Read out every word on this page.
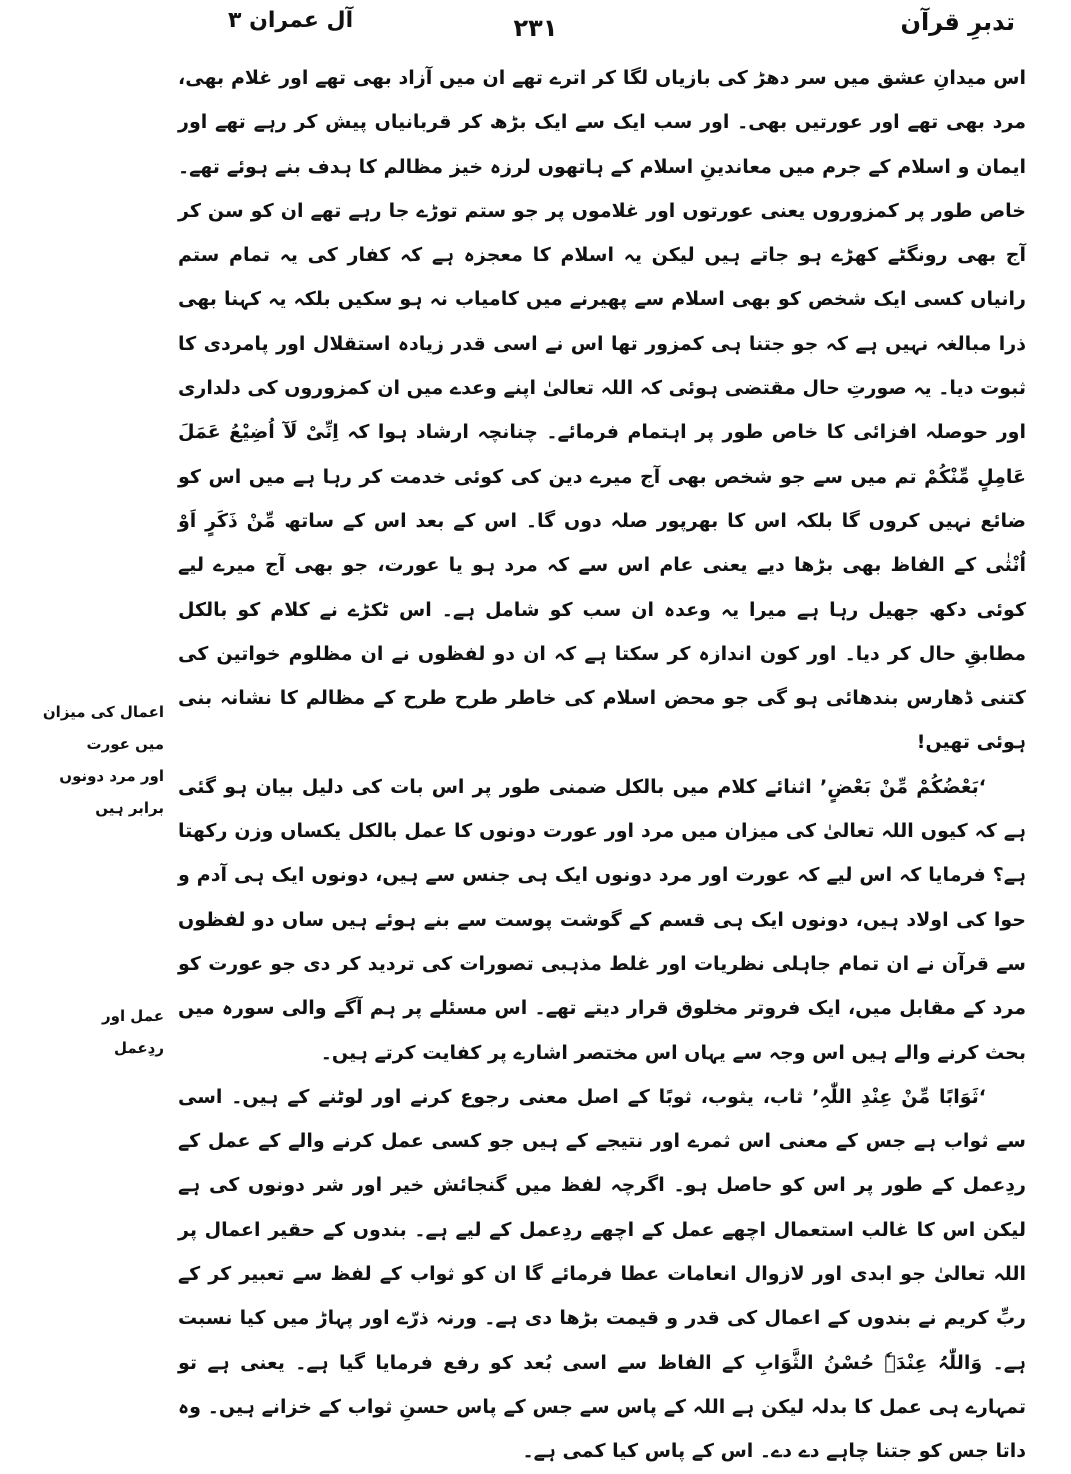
تدبرِ قرآن
٢٣١
آل عمران ٣

اس میدانِ عشق میں سر دھڑ کی بازیاں لگا کر اترے تھے ان میں آزاد بھی تھے اور غلام بھی، مرد بھی تھے اور عورتیں بھی۔ اور سب ایک سے ایک بڑھ کر قربانیاں پیش کر رہے تھے اور ایمان و اسلام کے جرم میں معاندینِ اسلام کے ہاتھوں لرزہ خیز مظالم کا ہدف بنے ہوئے تھے۔ خاص طور پر کمزوروں یعنی عورتوں اور غلاموں پر جو ستم توڑے جا رہے تھے ان کو سن کر آج بھی رونگٹے کھڑے ہو جاتے ہیں لیکن یہ اسلام کا معجزہ ہے کہ کفار کی یہ تمام ستم رانیاں کسی ایک شخص کو بھی اسلام سے پھیرنے میں کامیاب نہ ہو سکیں بلکہ یہ کہنا بھی ذرا مبالغہ نہیں ہے کہ جو جتنا ہی کمزور تھا اس نے اسی قدر زیادہ استقلال اور پامردی کا ثبوت دیا۔ یہ صورتِ حال مقتضی ہوئی کہ اللہ تعالیٰ اپنے وعدے میں ان کمزوروں کی دلداری اور حوصلہ افزائی کا خاص طور پر اہتمام فرمائے۔ چنانچہ ارشاد ہوا کہ اِنِّیْ لَآ اُضِیْعُ عَمَلَ عَامِلٍ مِّنْکُمْ تم میں سے جو شخص بھی آج میرے دین کی کوئی خدمت کر رہا ہے میں اس کو ضائع نہیں کروں گا بلکہ اس کا بھرپور صلہ دوں گا۔ اس کے بعد اس کے ساتھ مِّنْ ذَکَرٍ اَوْ اُنْثٰی کے الفاظ بھی بڑھا دیے یعنی عام اس سے کہ مرد ہو یا عورت، جو بھی آج میرے لیے کوئی دکھ جھیل رہا ہے میرا یہ وعدہ ان سب کو شامل ہے۔ اس ٹکڑے نے کلام کو بالکل مطابقِ حال کر دیا۔ اور کون اندازہ کر سکتا ہے کہ ان دو لفظوں نے ان مظلوم خواتین کی کتنی ڈھارس بندھائی ہو گی جو محض اسلام کی خاطر طرح طرح کے مظالم کا نشانہ بنی ہوئی تھیں!

‘بَعْضُکُمْ مِّنْ بَعْضٍ’ اثنائے کلام میں بالکل ضمنی طور پر اس بات کی دلیل بیان ہو گئی ہے کہ کیوں اللہ تعالیٰ کی میزان میں مرد اور عورت دونوں کا عمل بالکل یکساں وزن رکھتا ہے؟ فرمایا کہ اس لیے کہ عورت اور مرد دونوں ایک ہی جنس سے ہیں، دونوں ایک ہی آدم و حوا کی اولاد ہیں، دونوں ایک ہی قسم کے گوشت پوست سے بنے ہوئے ہیں ساں دو لفظوں سے قرآن نے ان تمام جاہلی نظریات اور غلط مذہبی تصورات کی تردید کر دی جو عورت کو مرد کے مقابل میں، ایک فروتر مخلوق قرار دیتے تھے۔ اس مسئلے پر ہم آگے والی سورہ میں بحث کرنے والے ہیں اس وجہ سے یہاں اس مختصر اشارے پر کفایت کرتے ہیں۔

‘ثَوَابًا مِّنْ عِنْدِ اللّٰہِ’ ثاب، یثوب، ثوبًا کے اصل معنی رجوع کرنے اور لوٹنے کے ہیں۔ اسی سے ثواب ہے جس کے معنی اس ثمرے اور نتیجے کے ہیں جو کسی عمل کرنے والے کے عمل کے ردِعمل کے طور پر اس کو حاصل ہو۔ اگرچہ لفظ میں گنجائش خیر اور شر دونوں کی ہے لیکن اس کا غالب استعمال اچھے عمل کے اچھے ردِعمل کے لیے ہے۔ بندوں کے حقیر اعمال پر اللہ تعالیٰ جو ابدی اور لازوال انعامات عطا فرمائے گا ان کو ثواب کے لفظ سے تعبیر کر کے ربِّ کریم نے بندوں کے اعمال کی قدر و قیمت بڑھا دی ہے۔ ورنہ ذرّے اور پہاڑ میں کیا نسبت ہے۔ وَاللّٰہُ عِنْدَہٗ حُسْنُ الثَّوَابِ کے الفاظ سے اسی بُعد کو رفع فرمایا گیا ہے۔ یعنی ہے تو تمہارے ہی عمل کا بدلہ لیکن ہے اللہ کے پاس سے جس کے پاس حسنِ ثواب کے خزانے ہیں۔ وہ داتا جس کو جتنا چاہے دے دے۔ اس کے پاس کیا کمی ہے۔

اعمال کی میزان
میں عورت
اور مرد دونوں
برابر ہیں
عمل اور
ردِعمل
